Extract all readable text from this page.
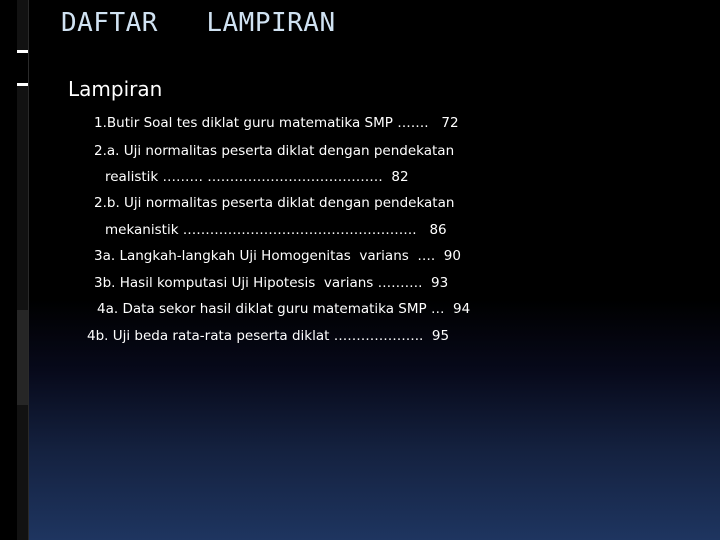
DAFTAR   LAMPIRAN
Lampiran
1.Butir Soal tes diklat guru matematika SMP …….   72
2.a. Uji normalitas peserta diklat dengan pendekatan
realistik ……… …………………………………  82
2.b. Uji normalitas peserta diklat dengan pendekatan
mekanistik …………………………………………….   86
3a. Langkah-langkah Uji Homogenitas  varians  ….  90
3b. Hasil komputasi Uji Hipotesis  varians ……….  93
4a. Data sekor hasil diklat guru matematika SMP …  94
4b. Uji beda rata-rata peserta diklat ………………..  95
